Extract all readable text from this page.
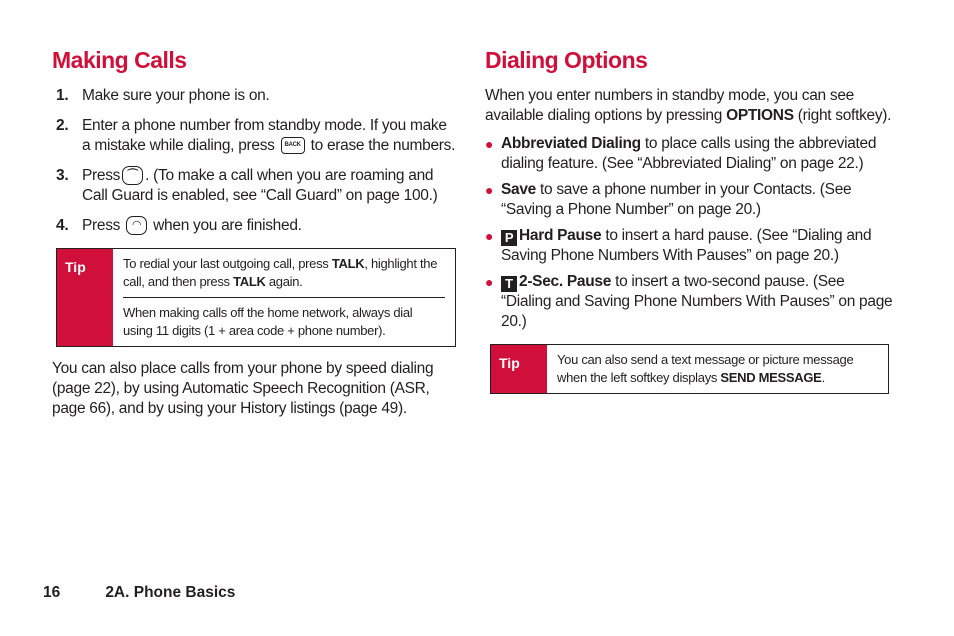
Making Calls
1. Make sure your phone is on.
2. Enter a phone number from standby mode. If you make a mistake while dialing, press BACK to erase the numbers.
3. Press ⌒ . (To make a call when you are roaming and Call Guard is enabled, see “Call Guard” on page 100.)
4. Press ◠ when you are finished.
Tip	To redial your last outgoing call, press TALK, highlight the call, and then press TALK again.
When making calls off the home network, always dial using 11 digits (1 + area code + phone number).

You can also place calls from your phone by speed dialing (page 22), by using Automatic Speech Recognition (ASR, page 66), and by using your History listings (page 49).

Dialing Options
When you enter numbers in standby mode, you can see available dialing options by pressing OPTIONS (right softkey).
● Abbreviated Dialing to place calls using the abbreviated dialing feature. (See “Abbreviated Dialing” on page 22.)
● Save to save a phone number in your Contacts. (See “Saving a Phone Number” on page 20.)
● P Hard Pause to insert a hard pause. (See “Dialing and Saving Phone Numbers With Pauses” on page 20.)
● T 2-Sec. Pause to insert a two-second pause. (See “Dialing and Saving Phone Numbers With Pauses” on page 20.)
Tip	You can also send a text message or picture message when the left softkey displays SEND MESSAGE.
16	2A. Phone Basics
